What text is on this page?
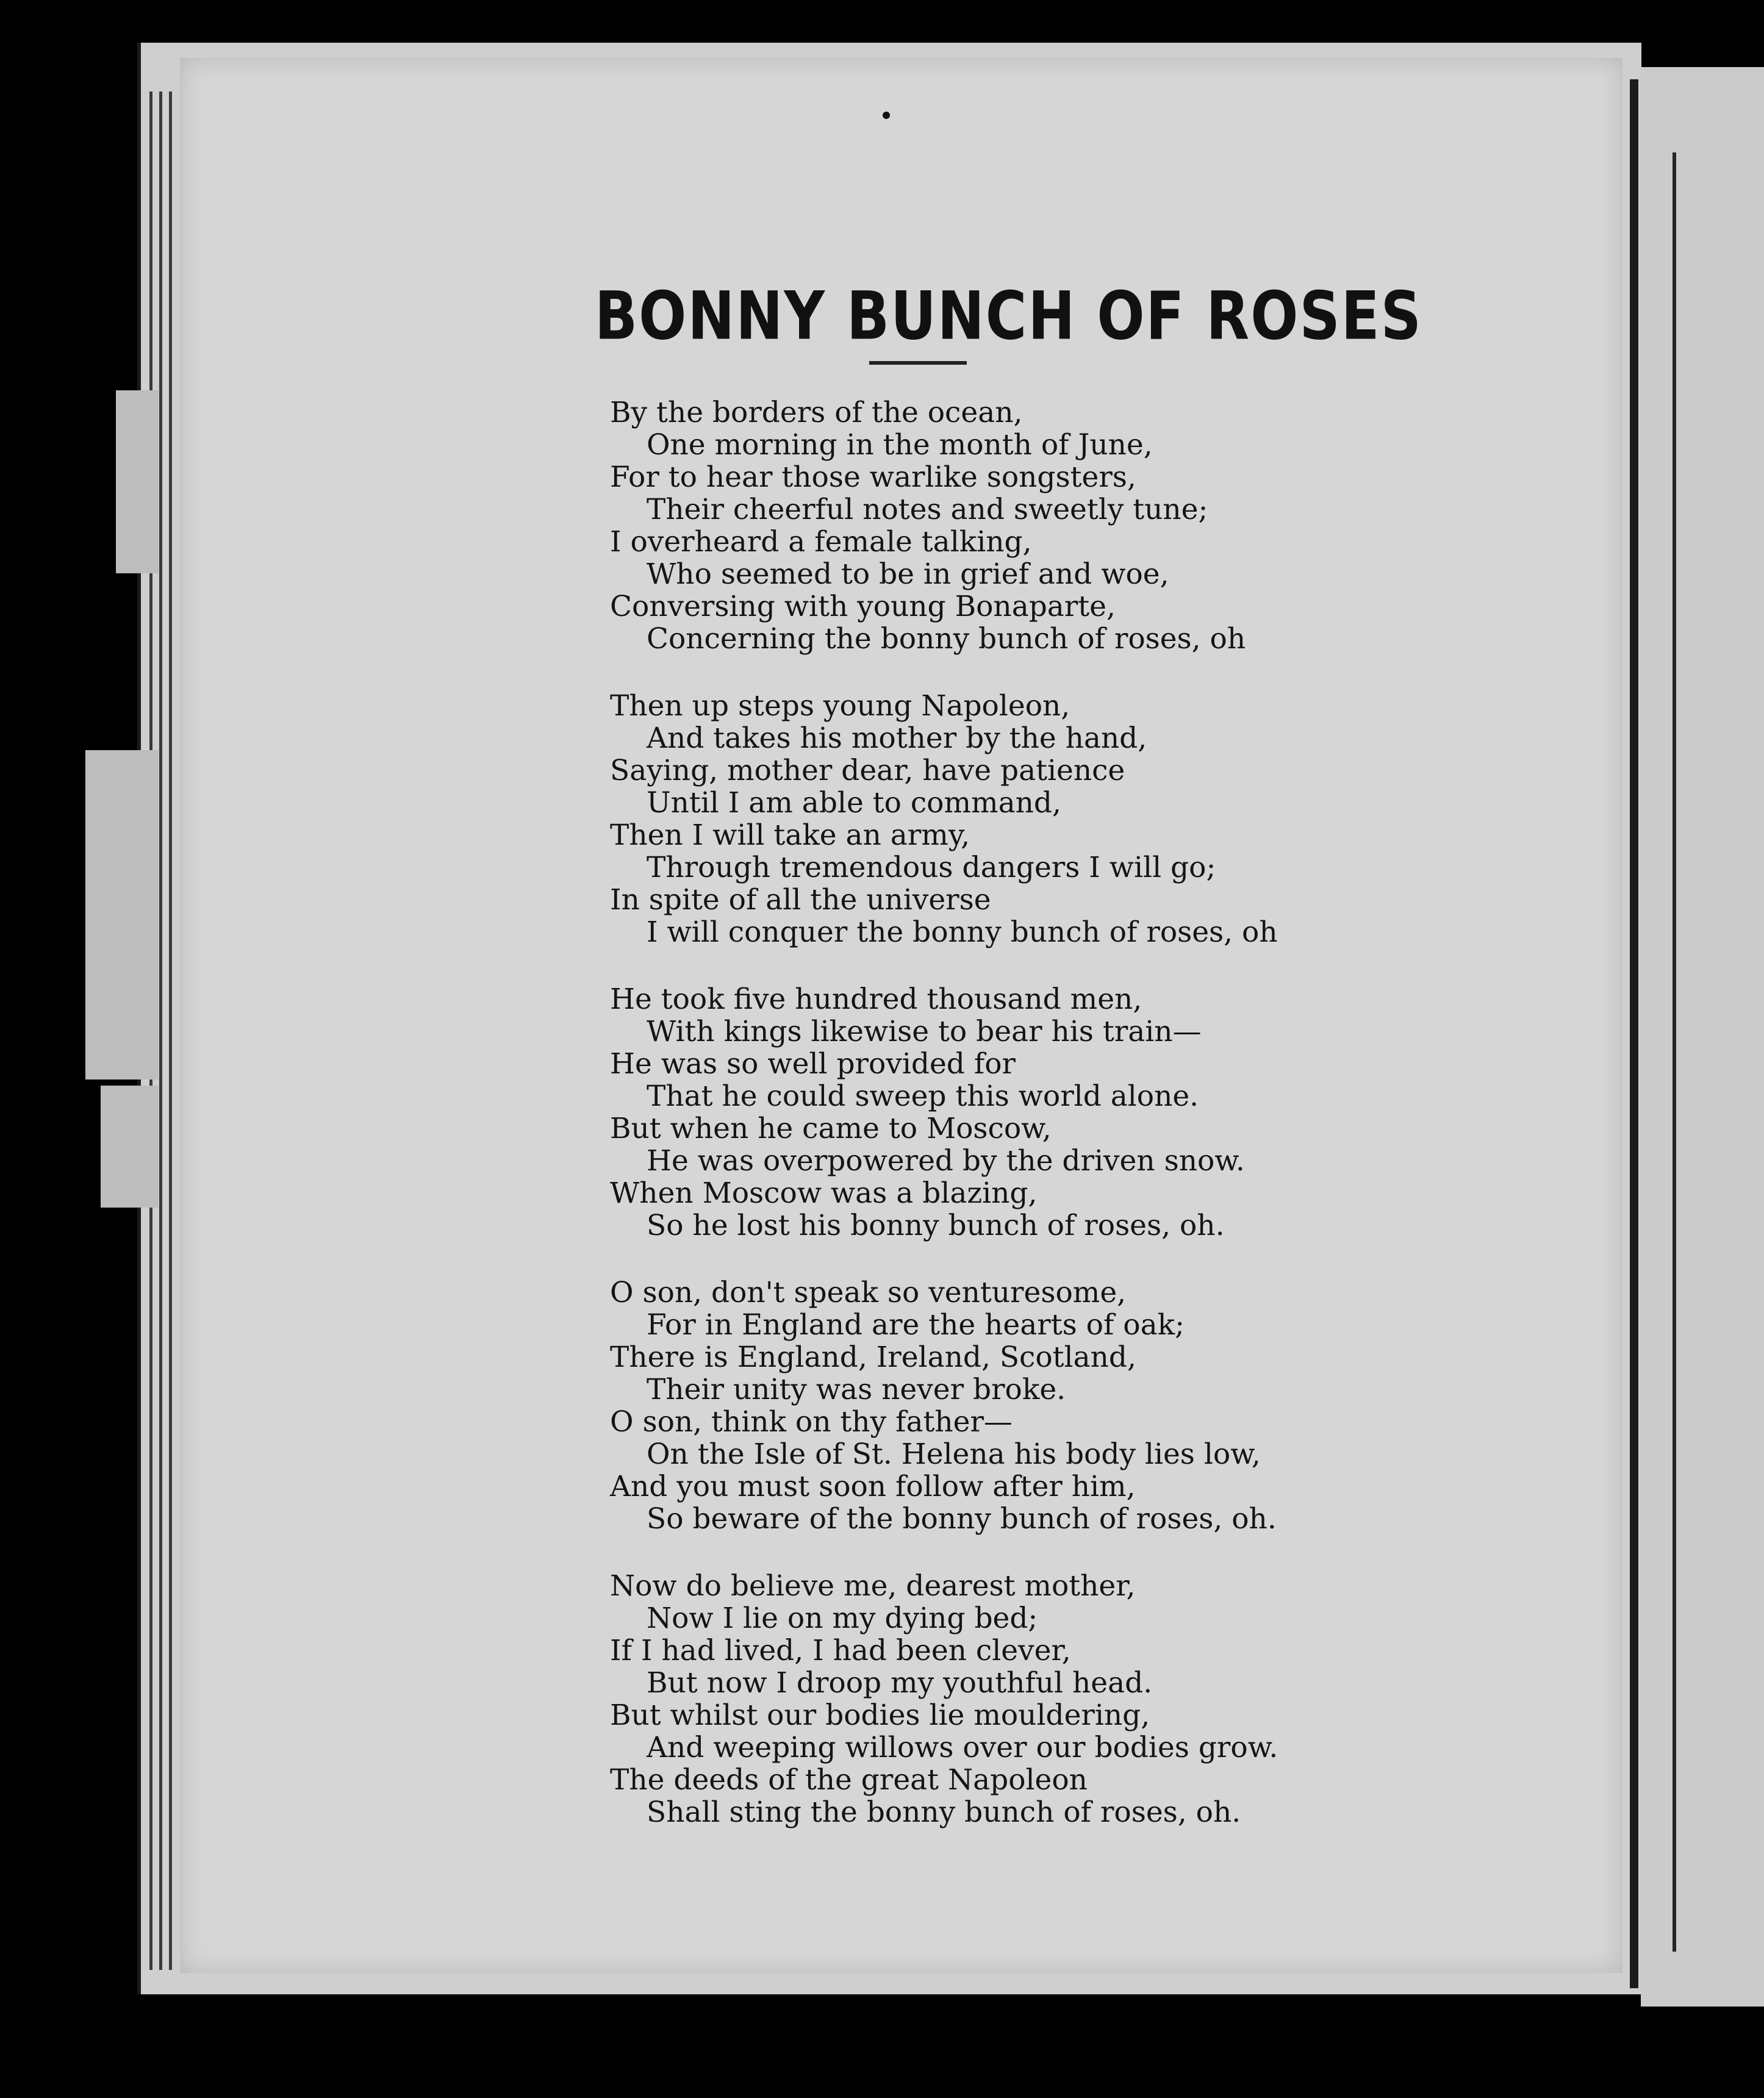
BONNY BUNCH OF ROSES
By the borders of the ocean,
One morning in the month of June,
For to hear those warlike songsters,
Their cheerful notes and sweetly tune;
I overheard a female talking,
Who seemed to be in grief and woe,
Conversing with young Bonaparte,
Concerning the bonny bunch of roses, oh
Then up steps young Napoleon,
And takes his mother by the hand,
Saying, mother dear, have patience
Until I am able to command,
Then I will take an army,
Through tremendous dangers I will go;
In spite of all the universe
I will conquer the bonny bunch of roses, oh
He took five hundred thousand men,
With kings likewise to bear his train—
He was so well provided for
That he could sweep this world alone.
But when he came to Moscow,
He was overpowered by the driven snow.
When Moscow was a blazing,
So he lost his bonny bunch of roses, oh.
O son, don't speak so venturesome,
For in England are the hearts of oak;
There is England, Ireland, Scotland,
Their unity was never broke.
O son, think on thy father—
On the Isle of St. Helena his body lies low,
And you must soon follow after him,
So beware of the bonny bunch of roses, oh.
Now do believe me, dearest mother,
Now I lie on my dying bed;
If I had lived, I had been clever,
But now I droop my youthful head.
But whilst our bodies lie mouldering,
And weeping willows over our bodies grow.
The deeds of the great Napoleon
Shall sting the bonny bunch of roses, oh.
